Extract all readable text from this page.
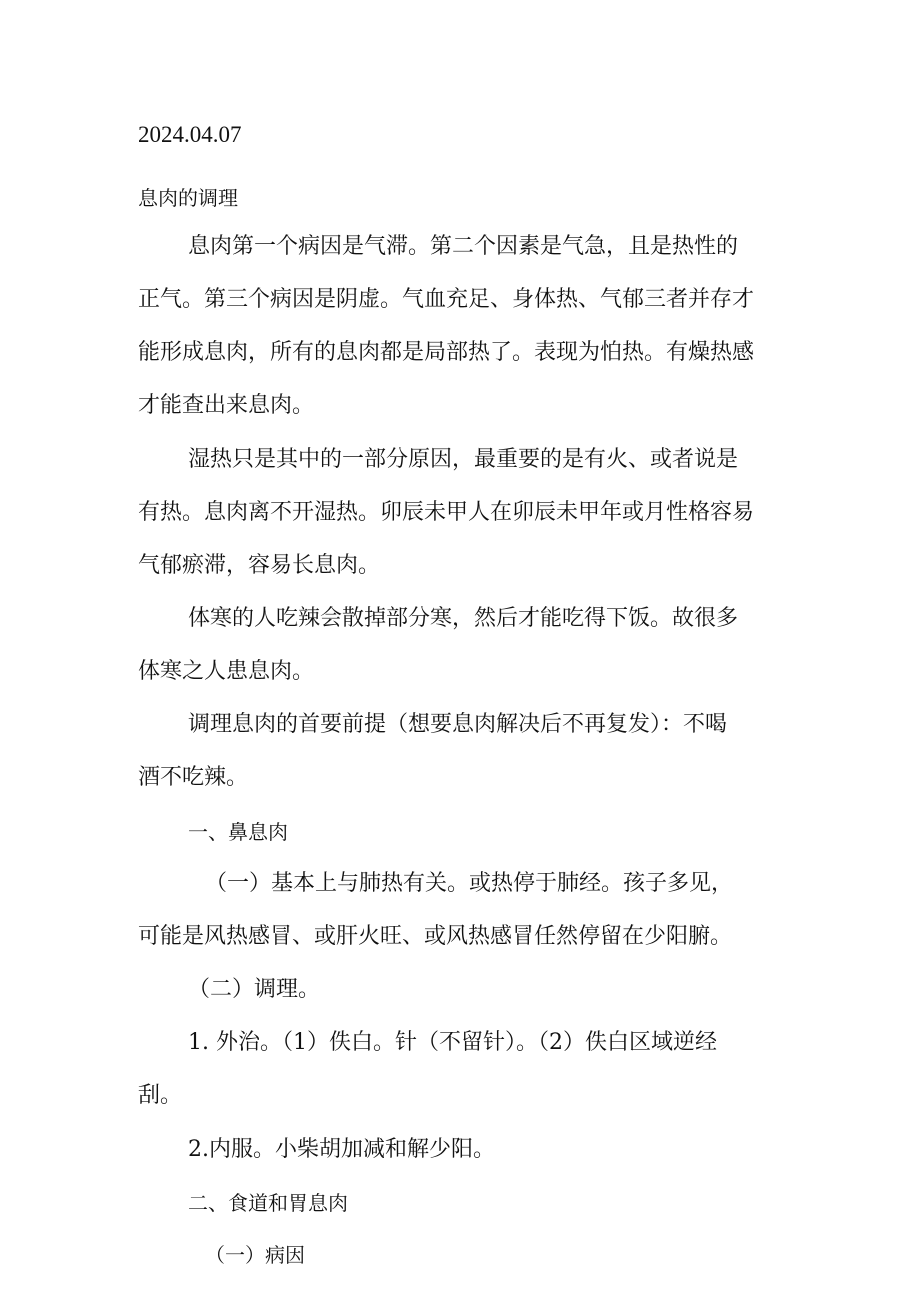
2024.04.07

息肉的调理

息肉第一个病因是气滞。第二个因素是气急，且是热性的

正气。第三个病因是阴虚。气血充足、身体热、气郁三者并存才

能形成息肉，所有的息肉都是局部热了。表现为怕热。有燥热感

才能查出来息肉。

湿热只是其中的一部分原因，最重要的是有火、或者说是

有热。息肉离不开湿热。卯辰未甲人在卯辰未甲年或月性格容易

气郁瘀滞，容易长息肉。

体寒的人吃辣会散掉部分寒，然后才能吃得下饭。故很多

体寒之人患息肉。

调理息肉的首要前提（想要息肉解决后不再复发）：不喝

酒不吃辣。

一、鼻息肉

（一）基本上与肺热有关。或热停于肺经。孩子多见，

可能是风热感冒、或肝火旺、或风热感冒任然停留在少阳腑。

（二）调理。

1. 外治。（1）佚白。针（不留针）。（2）佚白区域逆经

刮。

2.内服。小柴胡加减和解少阳。

二、食道和胃息肉

（一）病因
